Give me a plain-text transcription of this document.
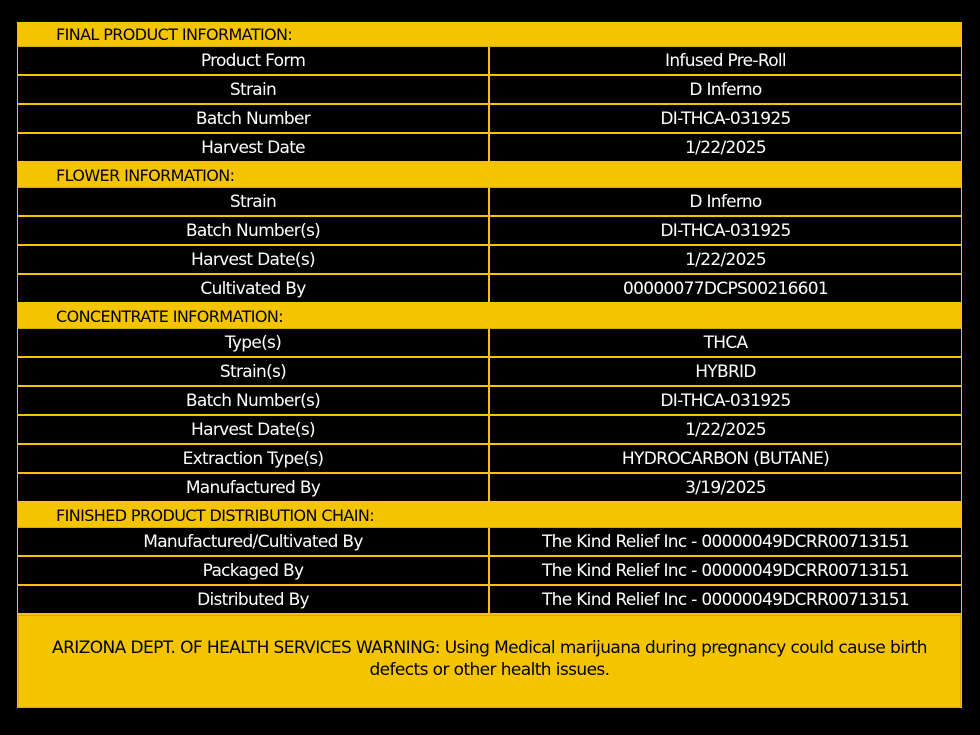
FINAL PRODUCT INFORMATION:
Product Form	Infused Pre-Roll
Strain	D Inferno
Batch Number	DI-THCA-031925
Harvest Date	1/22/2025
FLOWER INFORMATION:
Strain	D Inferno
Batch Number(s)	DI-THCA-031925
Harvest Date(s)	1/22/2025
Cultivated By	00000077DCPS00216601
CONCENTRATE INFORMATION:
Type(s)	THCA
Strain(s)	HYBRID
Batch Number(s)	DI-THCA-031925
Harvest Date(s)	1/22/2025
Extraction Type(s)	HYDROCARBON (BUTANE)
Manufactured By	3/19/2025
FINISHED PRODUCT DISTRIBUTION CHAIN:
Manufactured/Cultivated By	The Kind Relief Inc - 00000049DCRR00713151
Packaged By	The Kind Relief Inc - 00000049DCRR00713151
Distributed By	The Kind Relief Inc - 00000049DCRR00713151
ARIZONA DEPT. OF HEALTH SERVICES WARNING: Using Medical marijuana during pregnancy could cause birth defects or other health issues.
